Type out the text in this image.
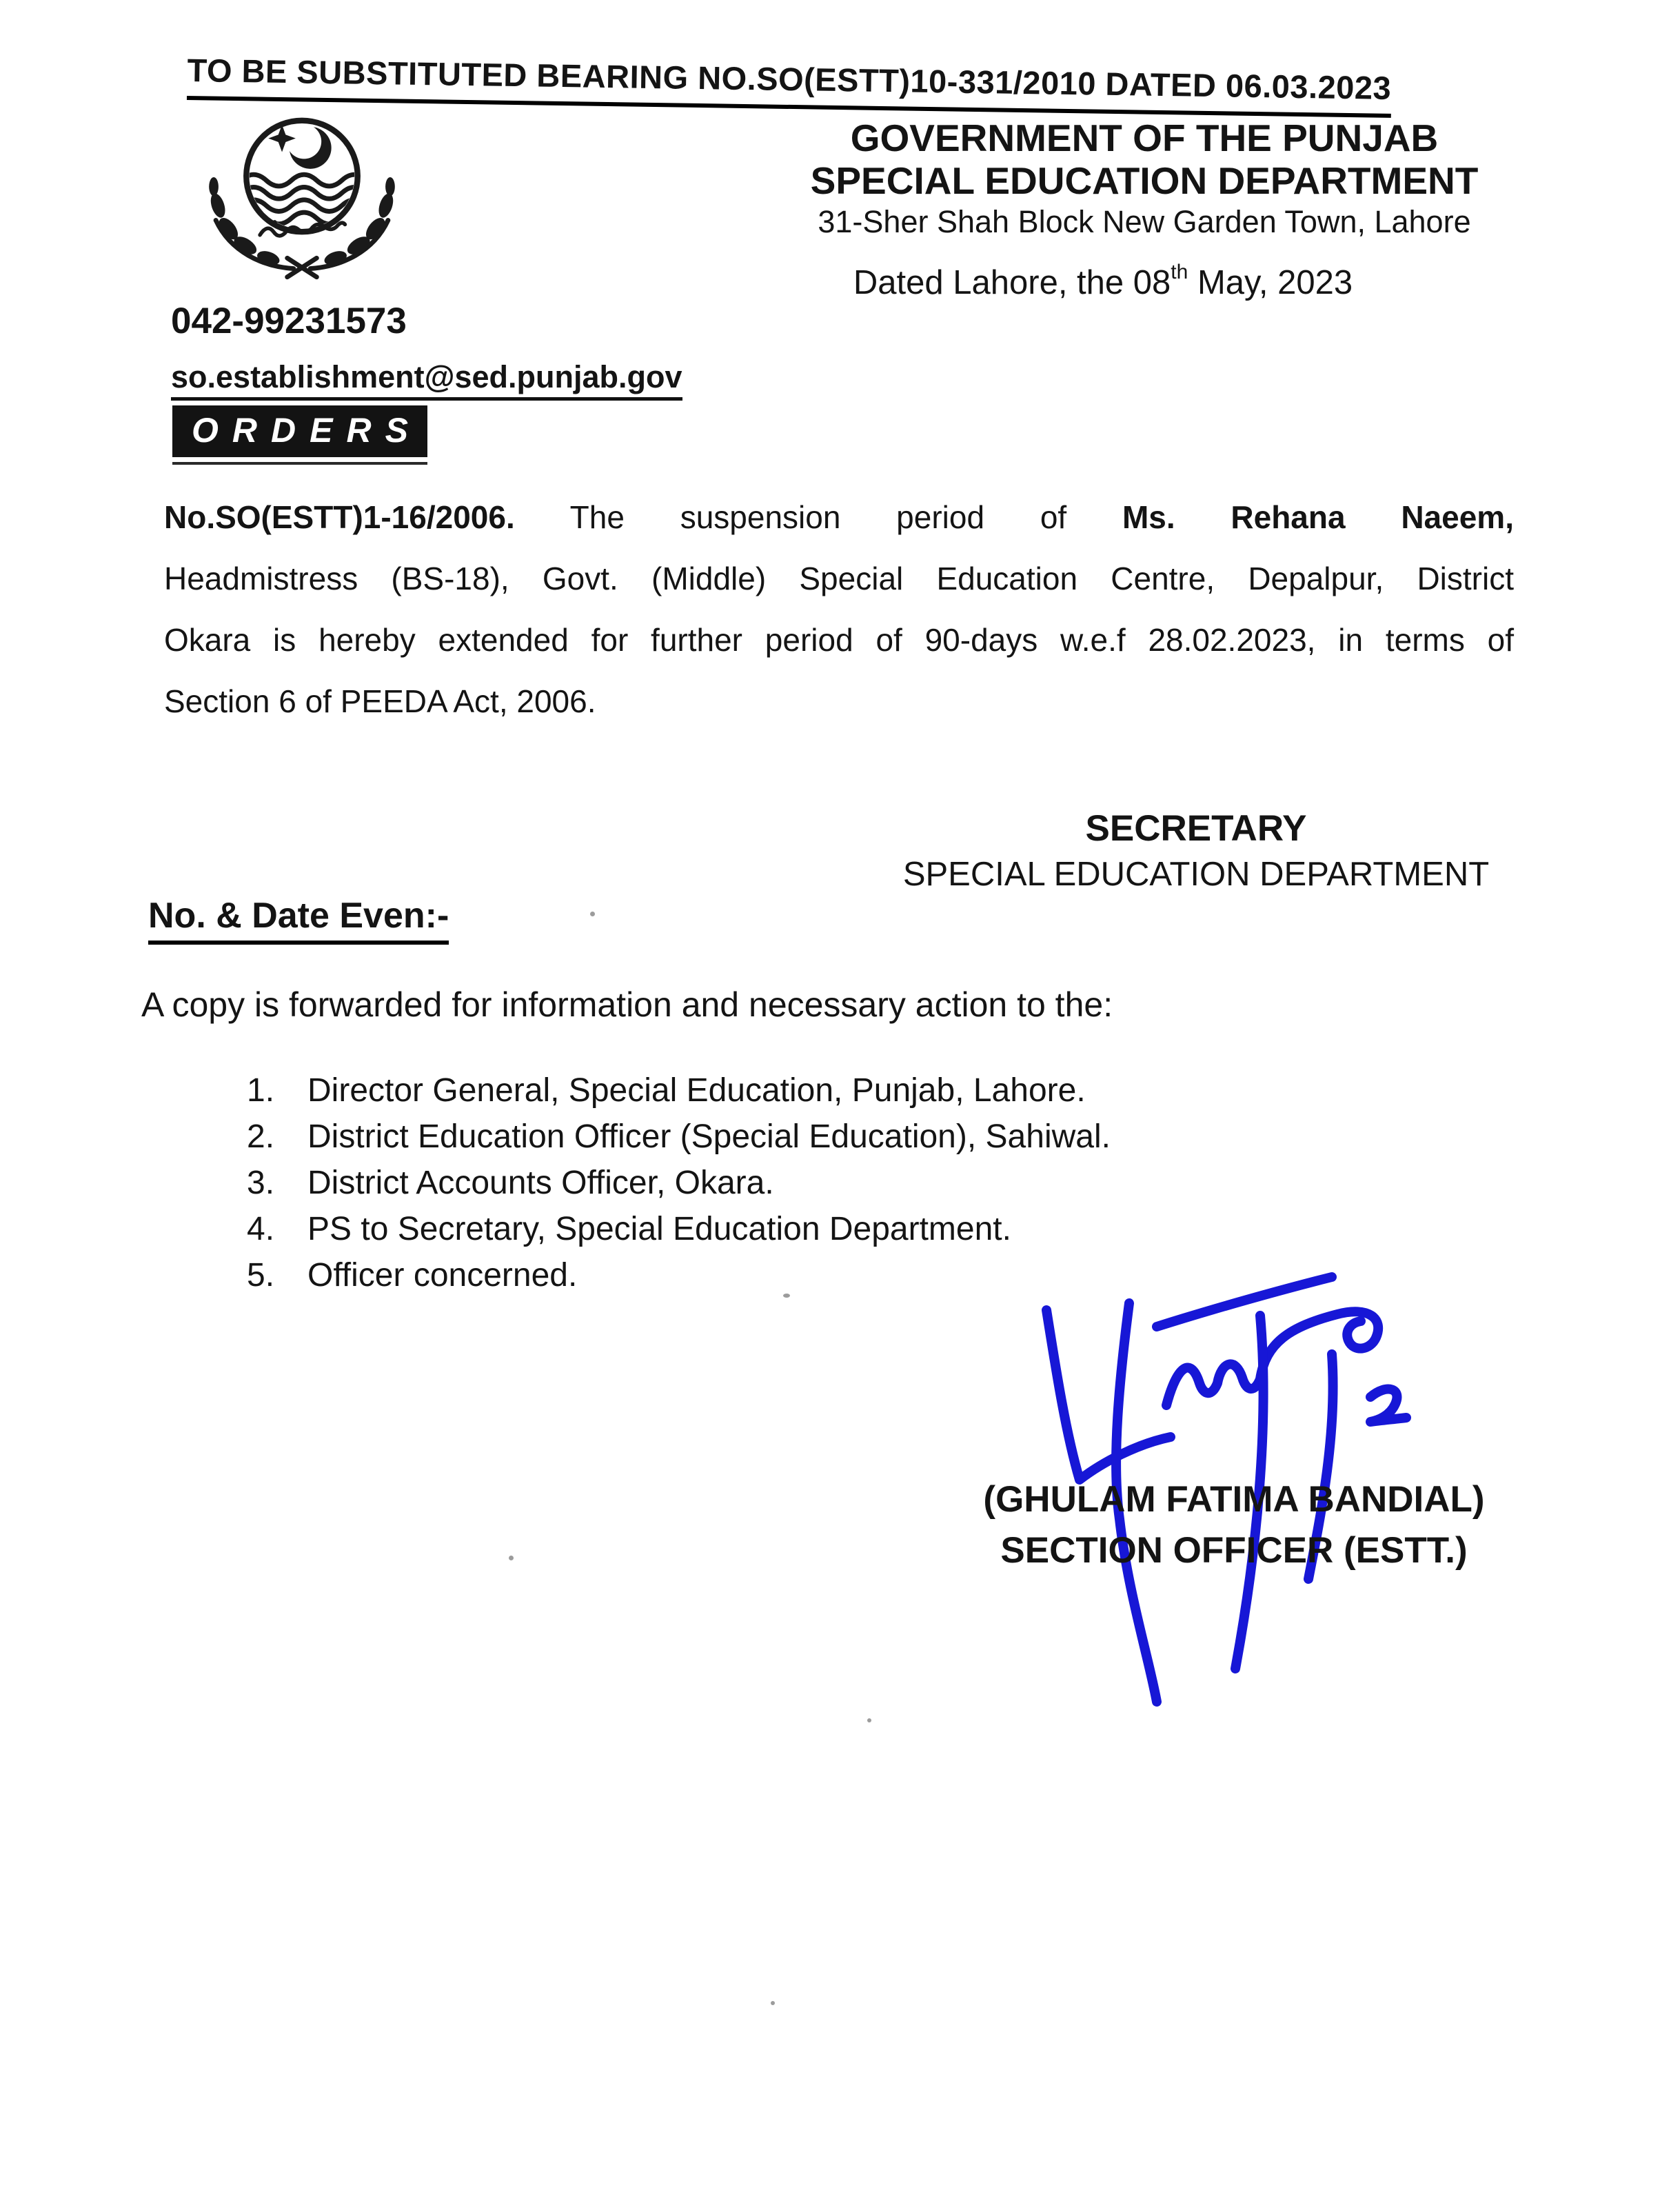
TO BE SUBSTITUTED BEARING NO.SO(ESTT)10-331/2010 DATED 06.03.2023
GOVERNMENT OF THE PUNJAB
SPECIAL EDUCATION DEPARTMENT
31-Sher Shah Block New Garden Town, Lahore
Dated Lahore, the 08th May, 2023
042-99231573

so.establishment@sed.punjab.gov
ORDERS
No.SO(ESTT)1-16/2006. The suspension period of Ms. Rehana Naeem,
Headmistress (BS-18), Govt. (Middle) Special Education Centre, Depalpur, District
Okara is hereby extended for further period of 90-days w.e.f 28.02.2023, in terms of
Section 6 of PEEDA Act, 2006.
SECRETARY
SPECIAL EDUCATION DEPARTMENT
No. & Date Even:-
A copy is forwarded for information and necessary action to the:
1. Director General, Special Education, Punjab, Lahore.
2. District Education Officer (Special Education), Sahiwal.
3. District Accounts Officer, Okara.
4. PS to Secretary, Special Education Department.
5. Officer concerned.
(GHULAM FATIMA BANDIAL)
SECTION OFFICER (ESTT.)
